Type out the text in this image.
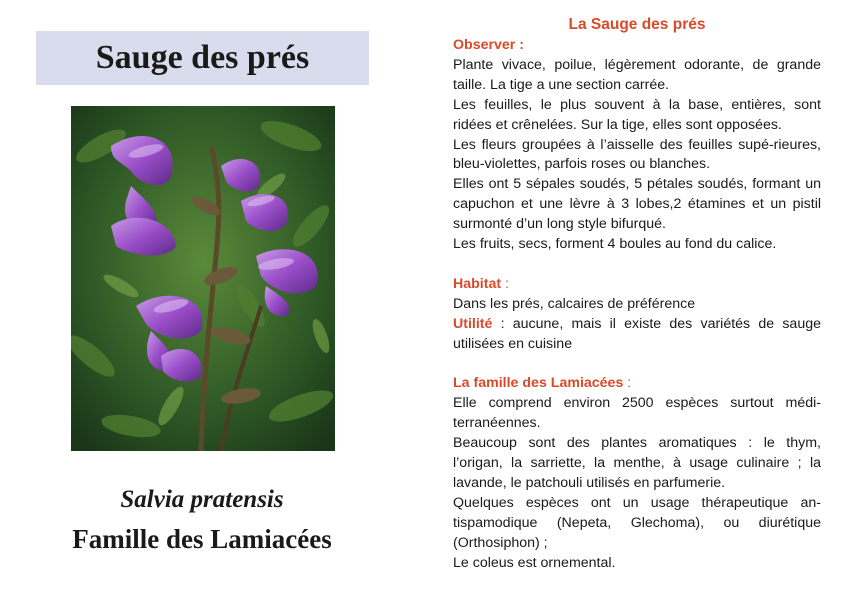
Sauge des prés
Salvia pratensis
Famille des Lamiacées
La Sauge des prés
Observer :

Plante vivace, poilue, légèrement odorante, de grande taille. La tige a une section carrée.

Les feuilles, le plus souvent à la base, entières, sont ridées et crênelées. Sur la tige, elles sont opposées.

Les fleurs groupées à l’aisselle des feuilles supé-rieures, bleu-violettes, parfois roses ou blanches.

Elles ont 5 sépales soudés, 5 pétales soudés, formant un capuchon et une lèvre à 3 lobes,2 étamines et un pistil surmonté d’un long style bifurqué.

Les fruits, secs, forment 4 boules au fond du calice.

Habitat :

Dans les prés, calcaires de préférence

Utilité : aucune, mais il existe des variétés de sauge utilisées en cuisine

La famille des Lamiacées :

Elle comprend environ 2500 espèces surtout médi-terranéennes.

Beaucoup sont des plantes aromatiques : le thym, l’origan, la sarriette, la menthe, à usage culinaire ; la lavande, le patchouli utilisés en parfumerie.

Quelques espèces ont un usage thérapeutique an-tispamodique (Nepeta, Glechoma), ou diurétique (Orthosiphon) ;

Le coleus est ornemental.
